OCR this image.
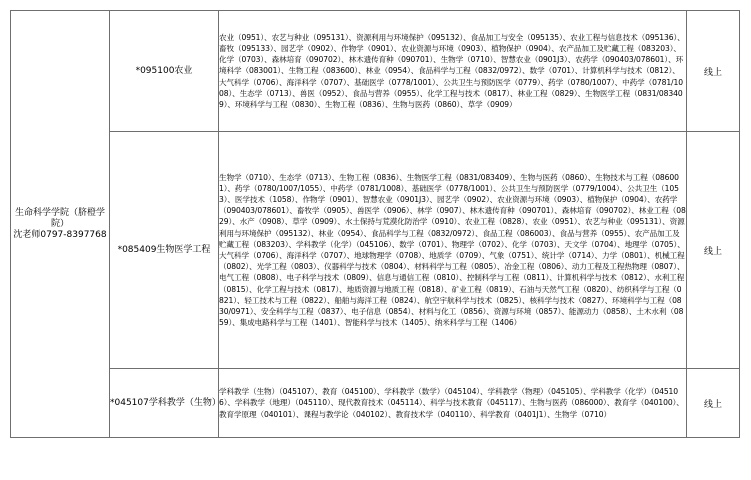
生命科学学院（脐橙学院）
沈老师0797-8397768	*095100农业	农业（0951）、农艺与种业（095131）、资源利用与环境保护（095132）、食品加工与安全（095135）、农业工程与信息技术（095136）、畜牧（095133）、园艺学（0902）、作物学（0901）、农业资源与环境（0903）、植物保护（0904）、农产品加工及贮藏工程（083203）、化学（0703）、森林培育（090702）、林木遗传育种（090701）、生物学（0710）、智慧农业（0901J3）、农药学（090403/078601）、环境科学（083001）、生物工程（083600）、林业（0954）、食品科学与工程（0832/0972）、数学（0701）、计算机科学与技术（0812）、大气科学（0706）、海洋科学（0707）、基础医学（0778/1001）、公共卫生与预防医学（0779）、药学（0780/1007）、中药学（0781/1008）、生态学（0713）、兽医（0952）、食品与营养（0955）、化学工程与技术（0817）、林业工程（0829）、生物医学工程（0831/083409）、环境科学与工程（0830）、生物工程（0836）、生物与医药（0860）、草学（0909）	线上
	*085409生物医学工程	生物学（0710）、生态学（0713）、生物工程（0836）、生物医学工程（0831/083409）、生物与医药（0860）、生物技术与工程（086001）、药学（0780/1007/1055）、中药学（0781/1008）、基础医学（0778/1001）、公共卫生与预防医学（0779/1004）、公共卫生（1053）、医学技术（1058）、作物学（0901）、智慧农业（0901J3）、园艺学（0902）、农业资源与环境（0903）、植物保护（0904）、农药学（090403/078601）、畜牧学（0905）、兽医学（0906）、林学（0907）、林木遗传育种（090701）、森林培育（090702）、林业工程（0829）、水产（0908）、草学（0909）、水土保持与荒漠化防治学（0910）、农业工程（0828）、农业（0951）、农艺与种业（095131）、资源利用与环境保护（095132）、林业（0954）、食品科学与工程（0832/0972）、食品工程（086003）、食品与营养（0955）、农产品加工及贮藏工程（083203）、学科教学（化学）（045106）、数学（0701）、物理学（0702）、化学（0703）、天文学（0704）、地理学（0705）、大气科学（0706）、海洋科学（0707）、地球物理学（0708）、地质学（0709）、气象（0751）、统计学（0714）、力学（0801）、机械工程（0802）、光学工程（0803）、仪器科学与技术（0804）、材料科学与工程（0805）、冶金工程（0806）、动力工程及工程热物理（0807）、电气工程（0808）、电子科学与技术（0809）、信息与通信工程（0810）、控制科学与工程（0811）、计算机科学与技术（0812）、水利工程（0815）、化学工程与技术（0817）、地质资源与地质工程（0818）、矿业工程（0819）、石油与天然气工程（0820）、纺织科学与工程（0821）、轻工技术与工程（0822）、船舶与海洋工程（0824）、航空宇航科学与技术（0825）、核科学与技术（0827）、环境科学与工程（0830/0971）、安全科学与工程（0837）、电子信息（0854）、材料与化工（0856）、资源与环境（0857）、能源动力（0858）、土木水利（0859）、集成电路科学与工程（1401）、智能科学与技术（1405）、纳米科学与工程（1406）	线上
	*045107学科教学（生物）	学科教学（生物）（045107）、教育（045100）、学科教学（数学）（045104）、学科教学（物理）（045105）、学科教学（化学）（045106）、学科教学（地理）（045110）、现代教育技术（045114）、科学与技术教育（045117）、生物与医药（086000）、教育学（040100）、教育学原理（040101）、课程与教学论（040102）、教育技术学（040110）、科学教育（0401J1）、生物学（0710）	线上
